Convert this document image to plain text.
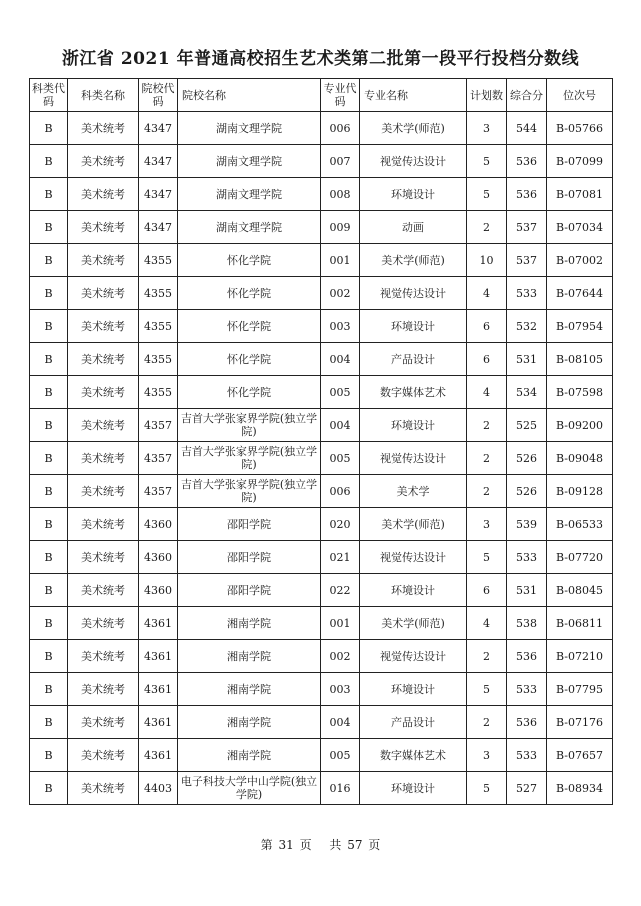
浙江省 2021 年普通高校招生艺术类第二批第一段平行投档分数线
科类代码	科类名称	院校代码	院校名称	专业代码	专业名称	计划数	综合分	位次号
B	美术统考	4347	湖南文理学院	006	美术学(师范)	3	544	B-05766
B	美术统考	4347	湖南文理学院	007	视觉传达设计	5	536	B-07099
B	美术统考	4347	湖南文理学院	008	环境设计	5	536	B-07081
B	美术统考	4347	湖南文理学院	009	动画	2	537	B-07034
B	美术统考	4355	怀化学院	001	美术学(师范)	10	537	B-07002
B	美术统考	4355	怀化学院	002	视觉传达设计	4	533	B-07644
B	美术统考	4355	怀化学院	003	环境设计	6	532	B-07954
B	美术统考	4355	怀化学院	004	产品设计	6	531	B-08105
B	美术统考	4355	怀化学院	005	数字媒体艺术	4	534	B-07598
B	美术统考	4357	吉首大学张家界学院(独立学院)	004	环境设计	2	525	B-09200
B	美术统考	4357	吉首大学张家界学院(独立学院)	005	视觉传达设计	2	526	B-09048
B	美术统考	4357	吉首大学张家界学院(独立学院)	006	美术学	2	526	B-09128
B	美术统考	4360	邵阳学院	020	美术学(师范)	3	539	B-06533
B	美术统考	4360	邵阳学院	021	视觉传达设计	5	533	B-07720
B	美术统考	4360	邵阳学院	022	环境设计	6	531	B-08045
B	美术统考	4361	湘南学院	001	美术学(师范)	4	538	B-06811
B	美术统考	4361	湘南学院	002	视觉传达设计	2	536	B-07210
B	美术统考	4361	湘南学院	003	环境设计	5	533	B-07795
B	美术统考	4361	湘南学院	004	产品设计	2	536	B-07176
B	美术统考	4361	湘南学院	005	数字媒体艺术	3	533	B-07657
B	美术统考	4403	电子科技大学中山学院(独立学院)	016	环境设计	5	527	B-08934
第 31 页 共 57 页
